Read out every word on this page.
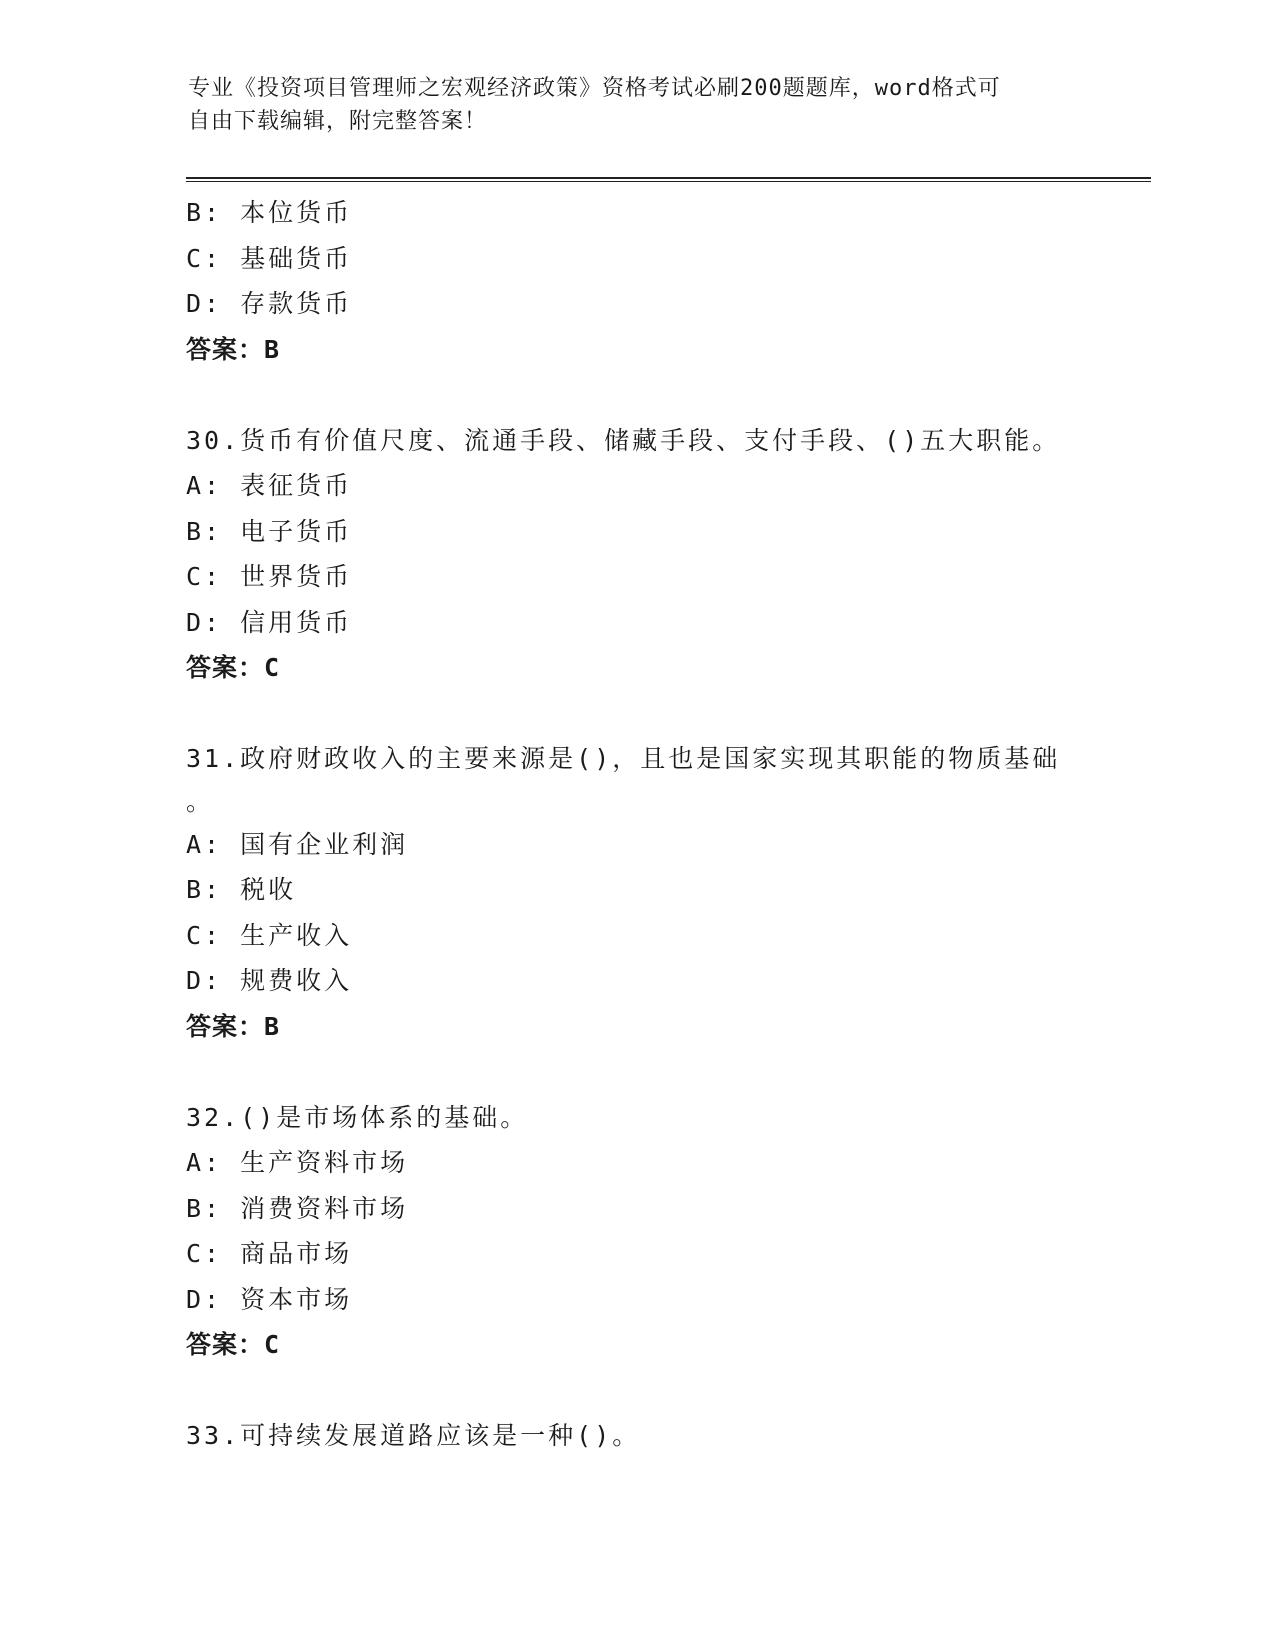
专业《投资项目管理师之宏观经济政策》资格考试必刷200题题库，word格式可
自由下载编辑，附完整答案！
B: 本位货币
C: 基础货币
D: 存款货币
答案：B
30.货币有价值尺度、流通手段、储藏手段、支付手段、()五大职能。
A: 表征货币
B: 电子货币
C: 世界货币
D: 信用货币
答案：C
31.政府财政收入的主要来源是()，且也是国家实现其职能的物质基础
。
A: 国有企业利润
B: 税收
C: 生产收入
D: 规费收入
答案：B
32.()是市场体系的基础。
A: 生产资料市场
B: 消费资料市场
C: 商品市场
D: 资本市场
答案：C
33.可持续发展道路应该是一种()。
